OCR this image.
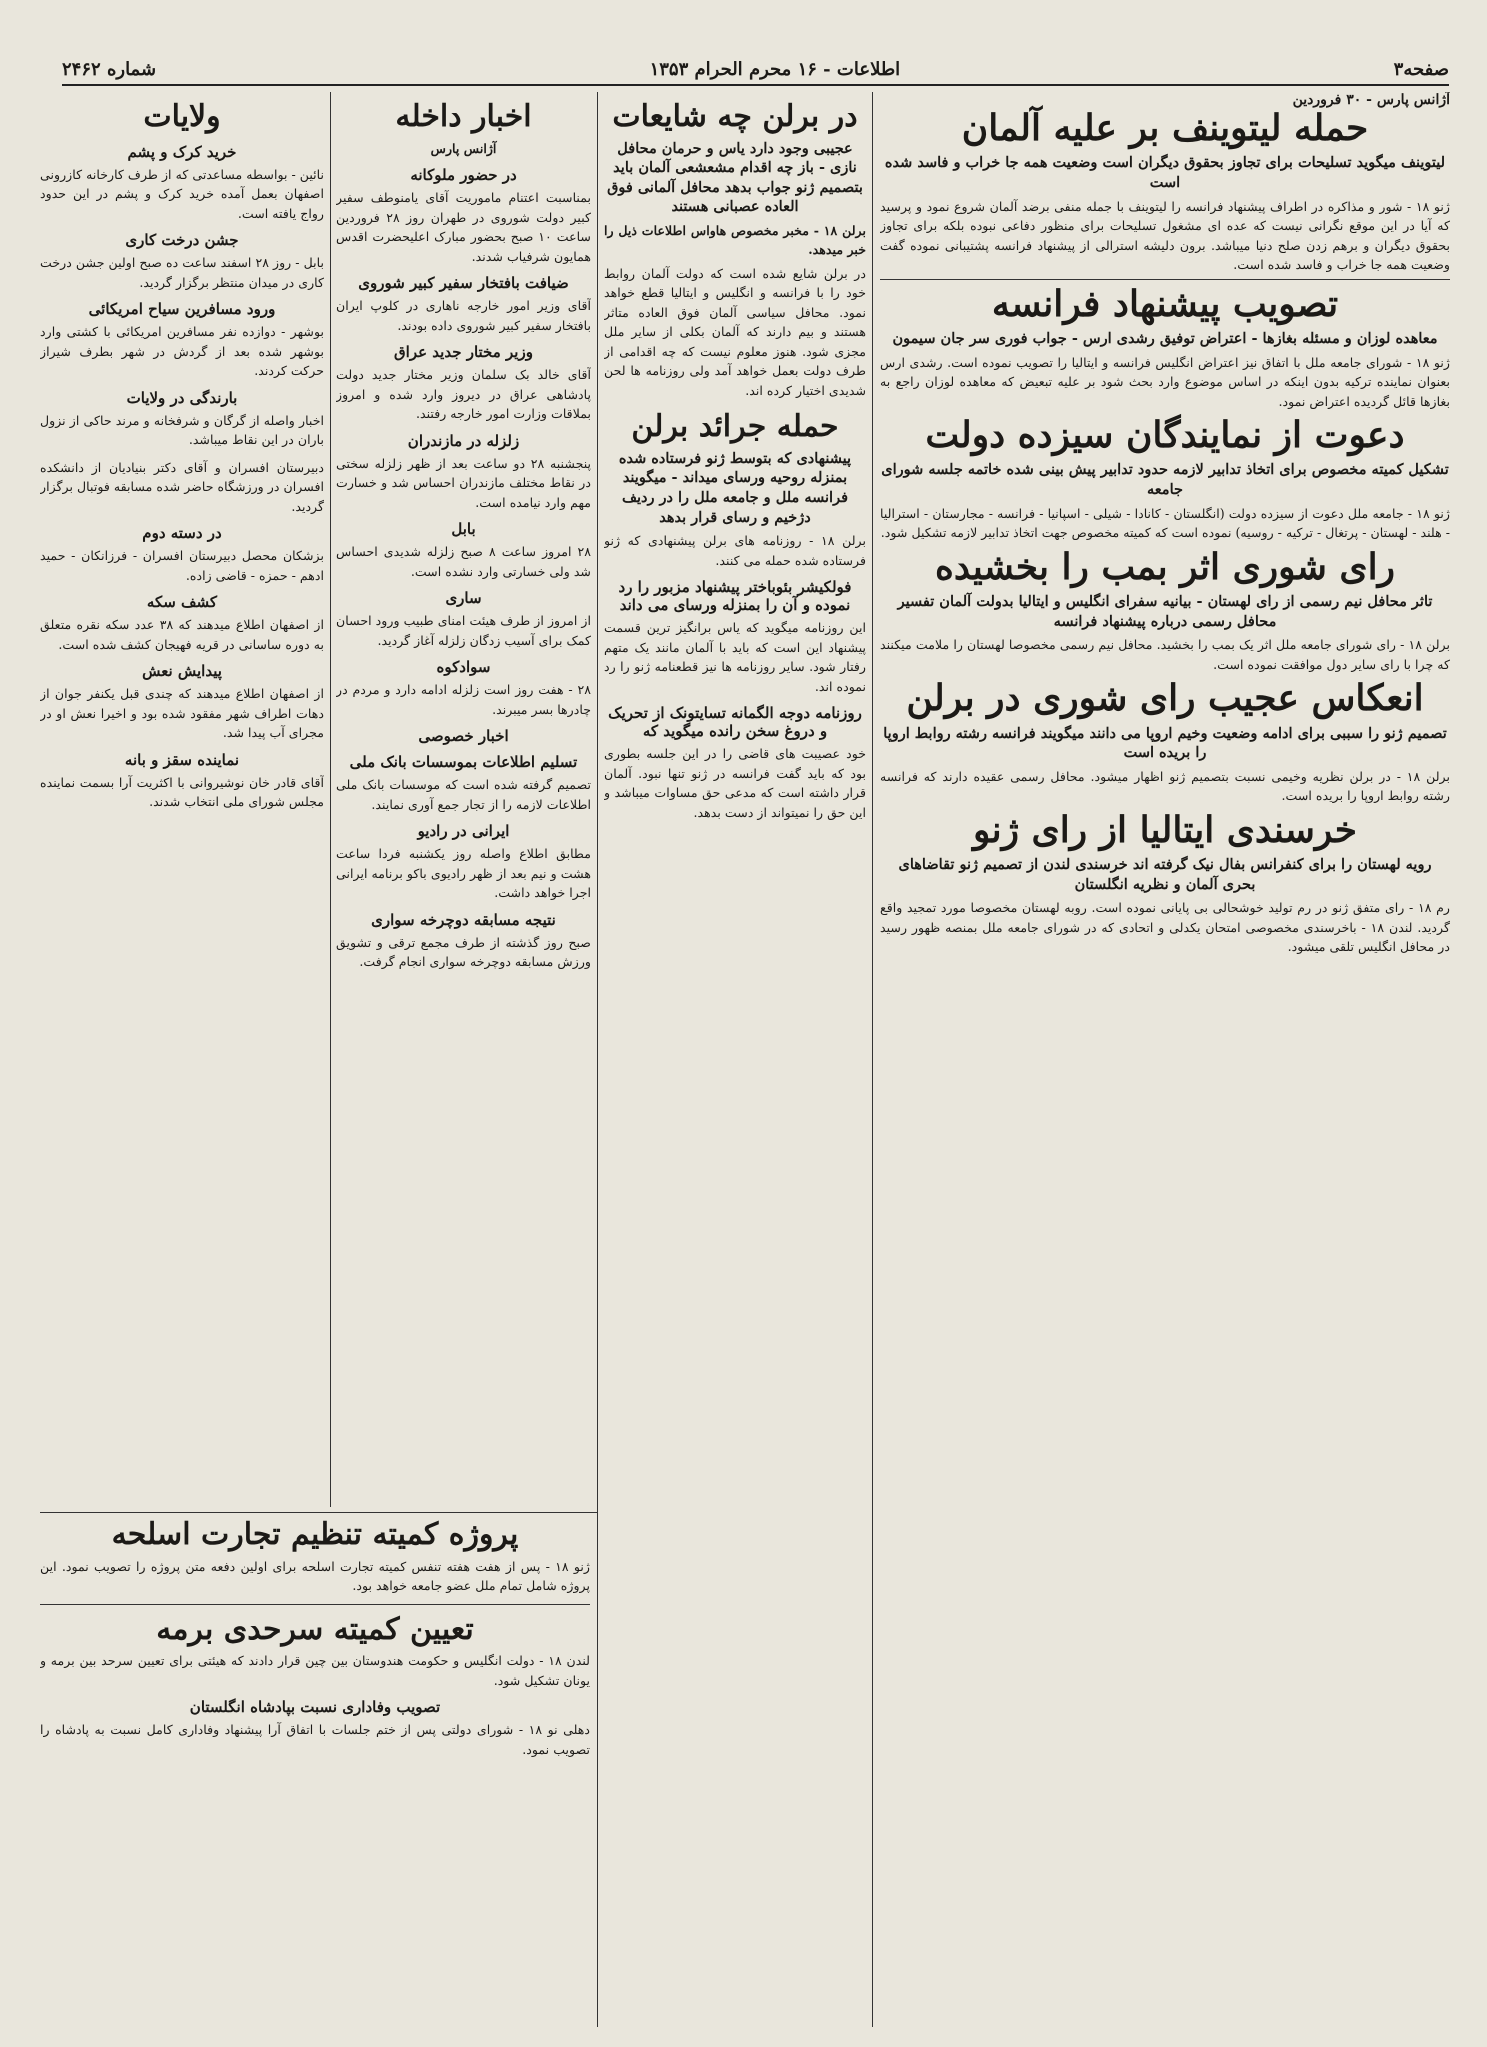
صفحه۳
اطلاعات - ۱۶ محرم الحرام ۱۳۵۳
شماره ۲۴۶۲
آژانس پارس - ۳۰ فروردین

حمله لیتوینف بر علیه آلمان

لیتوینف میگوید تسلیحات برای تجاوز بحقوق دیگران است وضعیت همه جا خراب و فاسد شده است

ژنو ۱۸ - شور و مذاکره در اطراف پیشنهاد فرانسه را لیتوینف با جمله منفی برضد آلمان شروع نمود و پرسید که آیا در این موقع نگرانی نیست که عده ای مشغول تسلیحات برای منظور دفاعی نبوده بلکه برای تجاوز بحقوق دیگران و برهم زدن صلح دنیا میباشد. برون دلیشه استرالی از پیشنهاد فرانسه پشتیبانی نموده گفت وضعیت همه جا خراب و فاسد شده است.

تصویب پیشنهاد فرانسه

معاهده لوزان و مسئله بغازها - اعتراض توفیق رشدی ارس - جواب فوری سر جان سیمون

ژنو ۱۸ - شورای جامعه ملل با اتفاق نیز اعتراض انگلیس فرانسه و ایتالیا را تصویب نموده است. رشدی ارس بعنوان نماینده ترکیه بدون اینکه در اساس موضوع وارد بحث شود بر علیه تبعیض که معاهده لوزان راجع به بغازها قائل گردیده اعتراض نمود.

دعوت از نمایندگان سیزده دولت

تشکیل کمیته مخصوص برای اتخاذ تدابیر لازمه حدود تدابیر پیش بینی شده خاتمه جلسه شورای جامعه

ژنو ۱۸ - جامعه ملل دعوت از سیزده دولت (انگلستان - کانادا - شیلی - اسپانیا - فرانسه - مجارستان - استرالیا - هلند - لهستان - پرتغال - ترکیه - روسیه) نموده است که کمیته مخصوص جهت اتخاذ تدابیر لازمه تشکیل شود.

رای شوری اثر بمب را بخشیده

تاثر محافل نیم رسمی از رای لهستان - بیانیه سفرای انگلیس و ایتالیا بدولت آلمان تفسیر محافل رسمی درباره پیشنهاد فرانسه

برلن ۱۸ - رای شورای جامعه ملل اثر یک بمب را بخشید. محافل نیم رسمی مخصوصا لهستان را ملامت میکنند که چرا با رای سایر دول موافقت نموده است.

انعکاس عجیب رای شوری در برلن

تصمیم ژنو را سببی برای ادامه وضعیت وخیم اروپا می دانند میگویند فرانسه رشته روابط اروپا را بریده است

برلن ۱۸ - در برلن نظریه وخیمی نسبت بتصمیم ژنو اظهار میشود. محافل رسمی عقیده دارند که فرانسه رشته روابط اروپا را بریده است.

خرسندی ایتالیا از رای ژنو

رویه لهستان را برای کنفرانس بفال نیک گرفته اند خرسندی لندن از تصمیم ژنو تقاضاهای بحری آلمان و نظریه انگلستان

رم ۱۸ - رای متفق ژنو در رم تولید خوشحالی بی پایانی نموده است. روبه لهستان مخصوصا مورد تمجید واقع گردید. لندن ۱۸ - باخرسندی مخصوصی امتحان یکدلی و اتحادی که در شورای جامعه ملل بمنصه ظهور رسید در محافل انگلیس تلقی میشود.

در برلن چه شایعات

عجیبی وجود دارد یاس و حرمان محافل نازی - باز چه اقدام مشعشعی آلمان باید بتصمیم ژنو جواب بدهد محافل آلمانی فوق العاده عصبانی هستند

برلن ۱۸ - مخبر مخصوص هاواس اطلاعات ذیل را خبر میدهد.

در برلن شایع شده است که دولت آلمان روابط خود را با فرانسه و انگلیس و ایتالیا قطع خواهد نمود. محافل سیاسی آلمان فوق العاده متاثر هستند و بیم دارند که آلمان بکلی از سایر ملل مجزی شود. هنوز معلوم نیست که چه اقدامی از طرف دولت بعمل خواهد آمد ولی روزنامه ها لحن شدیدی اختیار کرده اند.

حمله جرائد برلن

پیشنهادی که بتوسط ژنو فرستاده شده بمنزله روحیه ورسای میداند - میگویند فرانسه ملل و جامعه ملل را در ردیف دژخیم و رسای قرار بدهد

برلن ۱۸ - روزنامه های برلن پیشنهادی که ژنو فرستاده شده حمله می کنند.

فولکیشر بئوباختر پیشنهاد مزبور را رد نموده و آن را بمنزله ورسای می داند

این روزنامه میگوید که یاس برانگیز ترین قسمت پیشنهاد این است که باید با آلمان مانند یک متهم رفتار شود. سایر روزنامه ها نیز قطعنامه ژنو را رد نموده اند.

روزنامه دوجه الگمانه تسایتونک از تحریک و دروغ سخن رانده میگوید که

خود عصیبت های قاضی را در این جلسه بطوری بود که باید گفت فرانسه در ژنو تنها نبود. آلمان قرار داشته است که مدعی حق مساوات میباشد و این حق را نمیتواند از دست بدهد.

اخبار داخله

آژانس پارس

در حضور ملوکانه

بمناسبت اعتنام ماموریت آقای یامنوطف سفیر کبیر دولت شوروی در طهران روز ۲۸ فروردین ساعت ۱۰ صبح بحضور مبارک اعلیحضرت اقدس همایون شرفیاب شدند.

ضیافت بافتخار سفیر کبیر شوروی

آقای وزیر امور خارجه ناهاری در کلوپ ایران بافتخار سفیر کبیر شوروی داده بودند.

وزیر مختار جدید عراق

آقای خالد بک سلمان وزیر مختار جدید دولت پادشاهی عراق در دیروز وارد شده و امروز بملاقات وزارت امور خارجه رفتند.

زلزله در مازندران

پنجشنبه ۲۸ دو ساعت بعد از ظهر زلزله سختی در نقاط مختلف مازندران احساس شد و خسارت مهم وارد نیامده است.

بابل

۲۸ امروز ساعت ۸ صبح زلزله شدیدی احساس شد ولی خسارتی وارد نشده است.

ساری

از امروز از طرف هیئت امنای طبیب ورود احسان کمک برای آسیب زدگان زلزله آغاز گردید.

سوادکوه

۲۸ - هفت روز است زلزله ادامه دارد و مردم در چادرها بسر میبرند.

اخبار خصوصی

تسلیم اطلاعات بموسسات بانک ملی

تصمیم گرفته شده است که موسسات بانک ملی اطلاعات لازمه را از تجار جمع آوری نمایند.

ایرانی در رادیو

مطابق اطلاع واصله روز یکشنبه فردا ساعت هشت و نیم بعد از ظهر رادیوی باکو برنامه ایرانی اجرا خواهد داشت.

نتیجه مسابقه دوچرخه سواری

صبح روز گذشته از طرف مجمع ترقی و تشویق ورزش مسابقه دوچرخه سواری انجام گرفت.

ولایات

خرید کرک و پشم

نائین - بواسطه مساعدتی که از طرف کارخانه کازرونی اصفهان بعمل آمده خرید کرک و پشم در این حدود رواج یافته است.

جشن درخت کاری

بابل - روز ۲۸ اسفند ساعت ده صبح اولین جشن درخت کاری در میدان منتظر برگزار گردید.

ورود مسافرین سیاح امریکائی

بوشهر - دوازده نفر مسافرین امریکائی با کشتی وارد بوشهر شده بعد از گردش در شهر بطرف شیراز حرکت کردند.

بارندگی در ولایات

اخبار واصله از گرگان و شرفخانه و مرند حاکی از نزول باران در این نقاط میباشد.

دبیرستان افسران و آقای دکتر بنیادیان از دانشکده افسران در ورزشگاه حاضر شده مسابقه فوتبال برگزار گردید.

در دسته دوم

بزشکان محصل دبیرستان افسران - فرزانکان - حمید ادهم - حمزه - قاضی زاده.

کشف سکه

از اصفهان اطلاع میدهند که ۳۸ عدد سکه نقره متعلق به دوره ساسانی در قریه فهیجان کشف شده است.

پیدایش نعش

از اصفهان اطلاع میدهند که چندی قبل یکنفر جوان از دهات اطراف شهر مفقود شده بود و اخیرا نعش او در مجرای آب پیدا شد.

نماینده سقز و بانه

آقای قادر خان نوشیروانی با اکثریت آرا بسمت نماینده مجلس شورای ملی انتخاب شدند.

پروژه کمیته تنظیم تجارت اسلحه

ژنو ۱۸ - پس از هفت هفته تنفس کمیته تجارت اسلحه برای اولین دفعه متن پروژه را تصویب نمود. این پروژه شامل تمام ملل عضو جامعه خواهد بود.

تعیین کمیته سرحدی برمه

لندن ۱۸ - دولت انگلیس و حکومت هندوستان بین چین قرار دادند که هیئتی برای تعیین سرحد بین برمه و یونان تشکیل شود.

تصویب وفاداری نسبت بپادشاه انگلستان

دهلی نو ۱۸ - شورای دولتی پس از ختم جلسات با اتفاق آرا پیشنهاد وفاداری کامل نسبت به پادشاه را تصویب نمود.
